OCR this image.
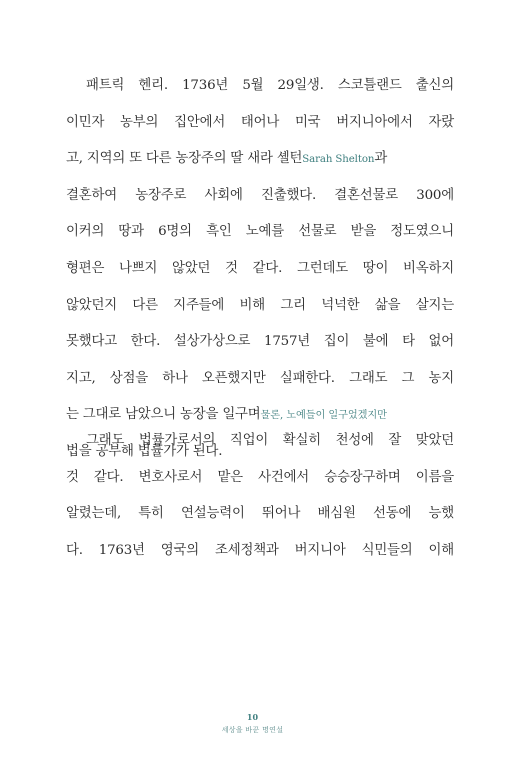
패트릭 헨리. 1736년 5월 29일생. 스코틀랜드 출신의
이민자 농부의 집안에서 태어나 미국 버지니아에서 자랐
고, 지역의 또 다른 농장주의 딸 새라 셸턴Sarah Shelton과
결혼하여 농장주로 사회에 진출했다. 결혼선물로 300에
이커의 땅과 6명의 흑인 노예를 선물로 받을 정도였으니
형편은 나쁘지 않았던 것 같다. 그런데도 땅이 비옥하지
않았던지 다른 지주들에 비해 그리 넉넉한 삶을 살지는
못했다고 한다. 설상가상으로 1757년 집이 불에 타 없어
지고, 상점을 하나 오픈했지만 실패한다. 그래도 그 농지
는 그대로 남았으니 농장을 일구며물론, 노예들이 일구었겠지만
법을 공부해 법률가가 된다.
그래도 법률가로서의 직업이 확실히 천성에 잘 맞았던
것 같다. 변호사로서 맡은 사건에서 승승장구하며 이름을
알렸는데, 특히 연설능력이 뛰어나 배심원 선동에 능했
다. 1763년 영국의 조세정책과 버지니아 식민들의 이해
10
세상을 바꾼 명연설
